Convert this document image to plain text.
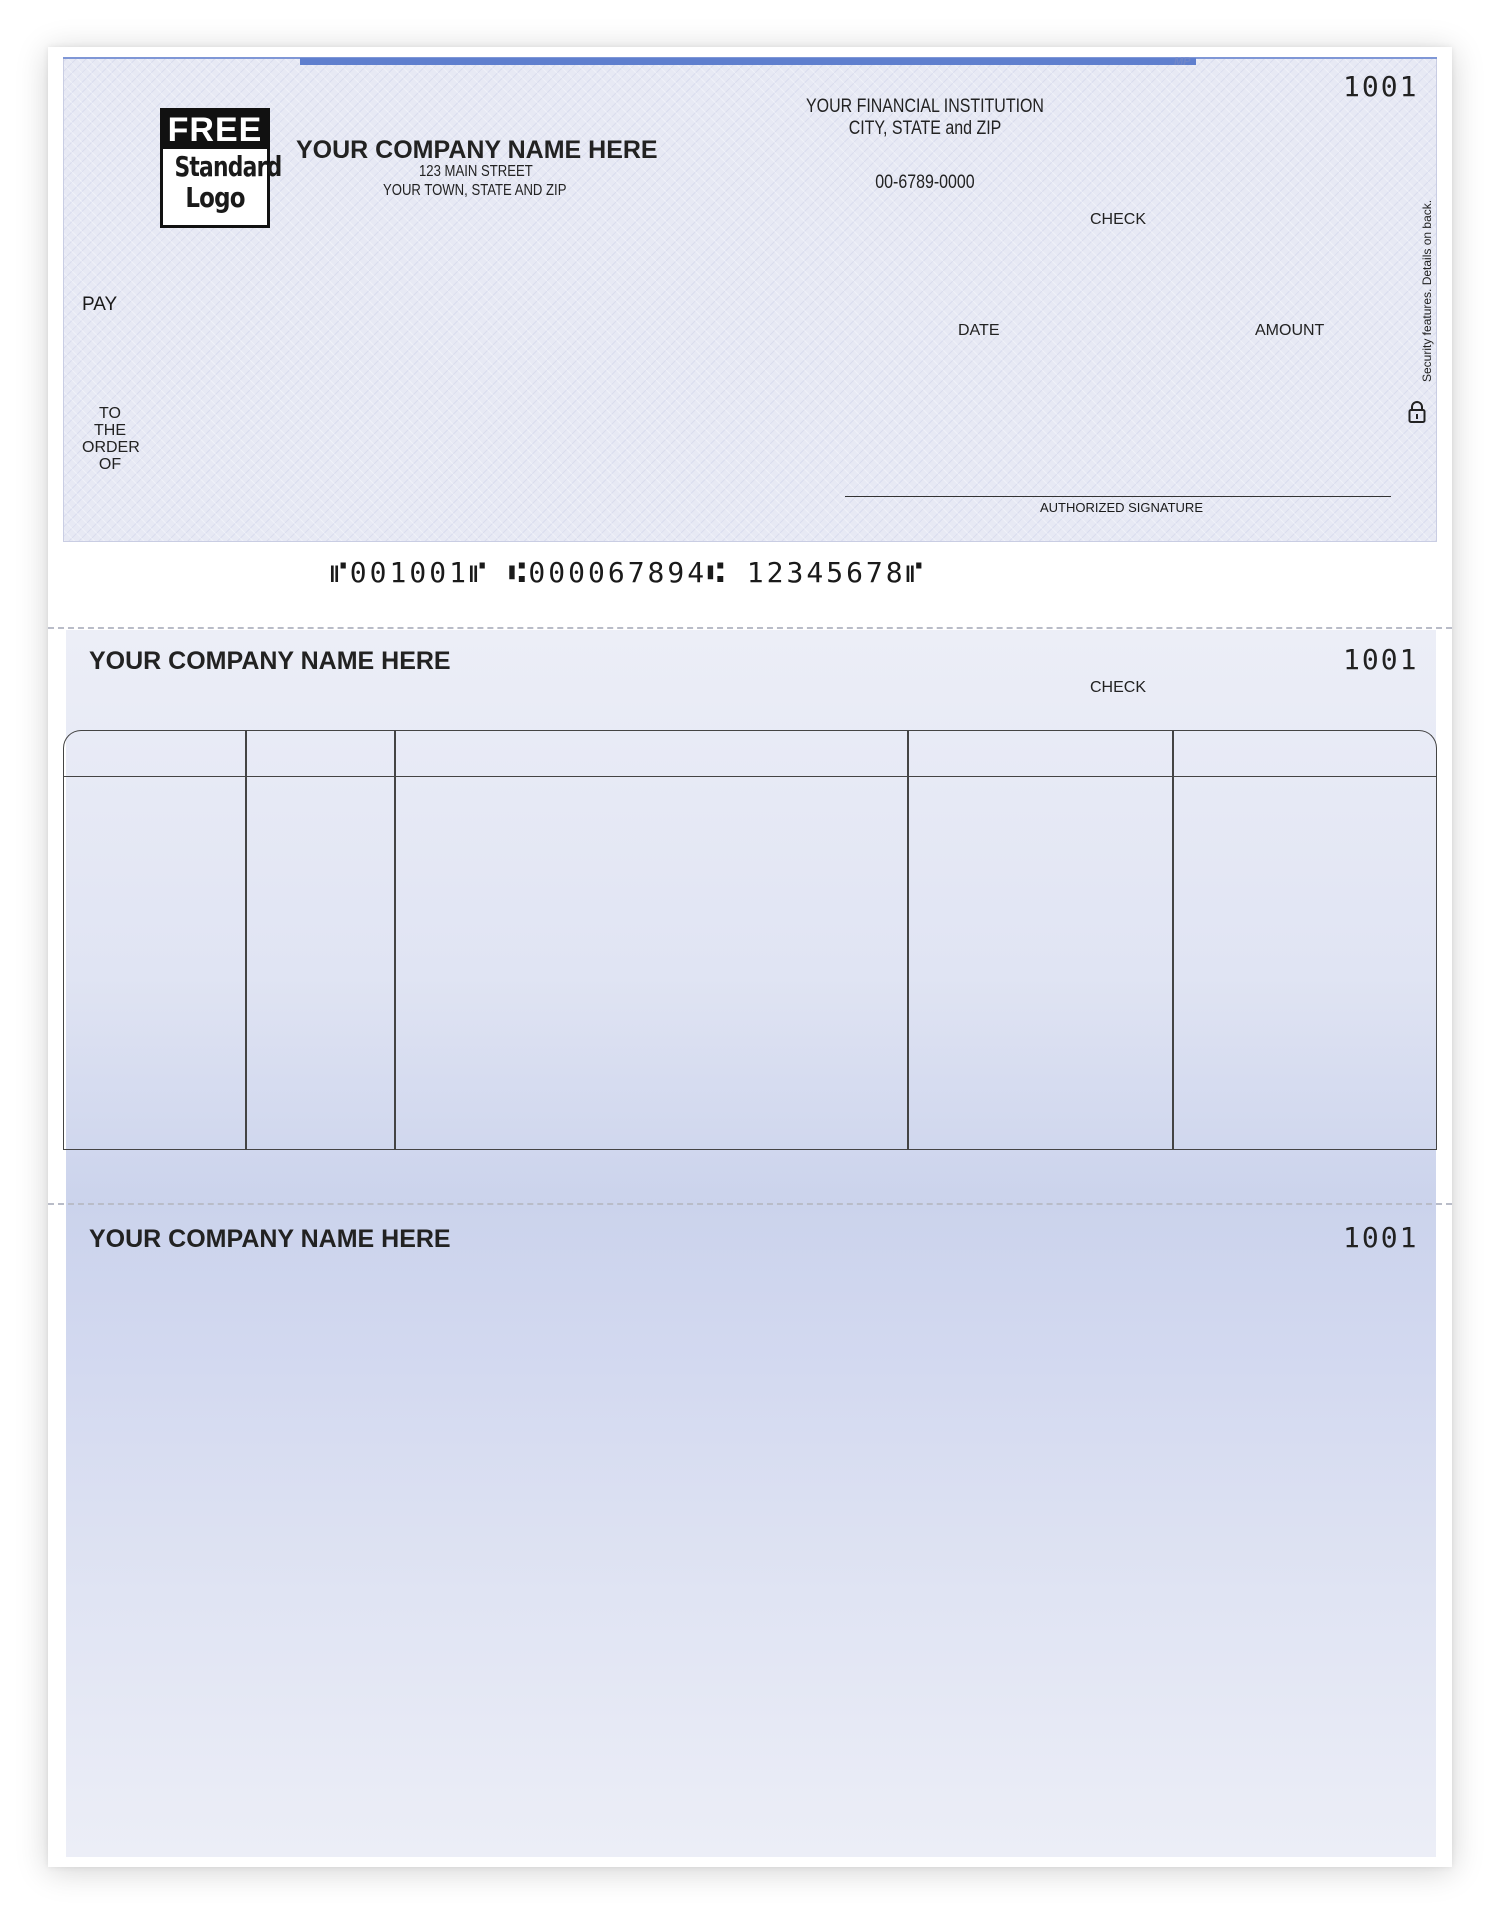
MP
FREE
Standard
Logo
YOUR COMPANY NAME HERE
123 MAIN STREET
YOUR TOWN, STATE AND ZIP
YOUR FINANCIAL INSTITUTION
CITY, STATE and ZIP
00-6789-0000
1001
CHECK
PAY
TO THE
ORDER
OF
DATE	AMOUNT
AUTHORIZED SIGNATURE
Security features. Details on back.
⑈001001⑈ ⑆000067894⑆ 12345678⑈
YOUR COMPANY NAME HERE	1001
CHECK
YOUR COMPANY NAME HERE	1001
